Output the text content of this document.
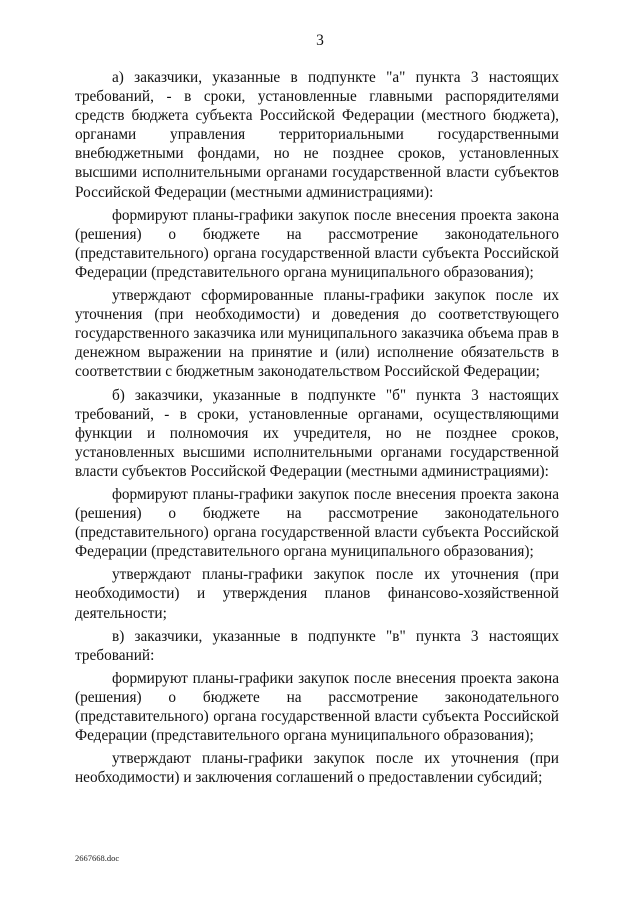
3

а) заказчики, указанные в подпункте "а" пункта 3 настоящих требований, - в сроки, установленные главными распорядителями средств бюджета субъекта Российской Федерации (местного бюджета), органами управления территориальными государственными внебюджетными фондами, но не позднее сроков, установленных высшими исполнительными органами государственной власти субъектов Российской Федерации (местными администрациями):

формируют планы-графики закупок после внесения проекта закона (решения) о бюджете на рассмотрение законодательного (представительного) органа государственной власти субъекта Российской Федерации (представительного органа муниципального образования);

утверждают сформированные планы-графики закупок после их уточнения (при необходимости) и доведения до соответствующего государственного заказчика или муниципального заказчика объема прав в денежном выражении на принятие и (или) исполнение обязательств в соответствии с бюджетным законодательством Российской Федерации;

б) заказчики, указанные в подпункте "б" пункта 3 настоящих требований, - в сроки, установленные органами, осуществляющими функции и полномочия их учредителя, но не позднее сроков, установленных высшими исполнительными органами государственной власти субъектов Российской Федерации (местными администрациями):

формируют планы-графики закупок после внесения проекта закона (решения) о бюджете на рассмотрение законодательного (представительного) органа государственной власти субъекта Российской Федерации (представительного органа муниципального образования);

утверждают планы-графики закупок после их уточнения (при необходимости) и утверждения планов финансово-хозяйственной деятельности;

в) заказчики, указанные в подпункте "в" пункта 3 настоящих требований:

формируют планы-графики закупок после внесения проекта закона (решения) о бюджете на рассмотрение законодательного (представительного) органа государственной власти субъекта Российской Федерации (представительного органа муниципального образования);

утверждают планы-графики закупок после их уточнения (при необходимости) и заключения соглашений о предоставлении субсидий;

2667668.doc
